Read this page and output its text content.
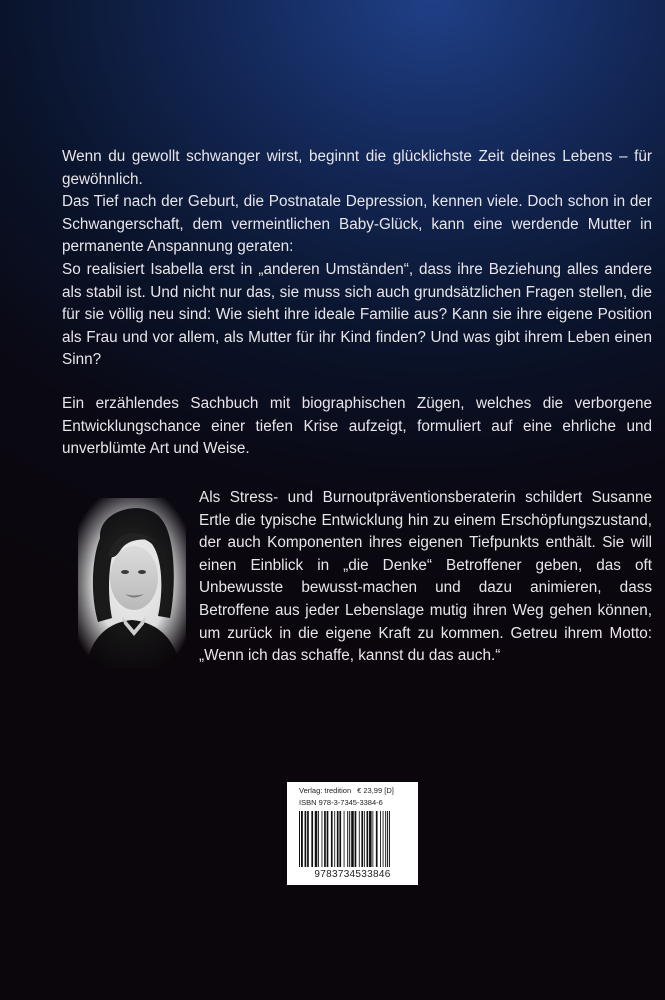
Wenn du gewollt schwanger wirst, beginnt die glücklichste Zeit deines Lebens – für gewöhnlich.

Das Tief nach der Geburt, die Postnatale Depression, kennen viele. Doch schon in der Schwangerschaft, dem vermeintlichen Baby-Glück, kann eine werdende Mutter in permanente Anspannung geraten:

So realisiert Isabella erst in „anderen Umständen“, dass ihre Beziehung alles andere als stabil ist. Und nicht nur das, sie muss sich auch grundsätzlichen Fragen stellen, die für sie völlig neu sind: Wie sieht ihre ideale Familie aus? Kann sie ihre eigene Position als Frau und vor allem, als Mutter für ihr Kind finden? Und was gibt ihrem Leben einen Sinn?

Ein erzählendes Sachbuch mit biographischen Zügen, welches die verborgene Entwicklungschance einer tiefen Krise aufzeigt, formuliert auf eine ehrliche und unverblümte Art und Weise.

Als Stress- und Burnoutpräventionsberaterin schildert Susanne Ertle die typische Entwicklung hin zu einem Erschöpfungszustand, der auch Komponenten ihres eigenen Tiefpunkts enthält. Sie will einen Einblick in „die Denke“ Betroffener geben, das oft Unbewusste bewusst-machen und dazu animieren, dass Betroffene aus jeder Lebenslage mutig ihren Weg gehen können, um zurück in die eigene Kraft zu kommen. Getreu ihrem Motto: „Wenn ich das schaffe, kannst du das auch.“

Verlag: tredition € 23,99 [D]
ISBN 978-3-7345-3384-6
9783734533846
